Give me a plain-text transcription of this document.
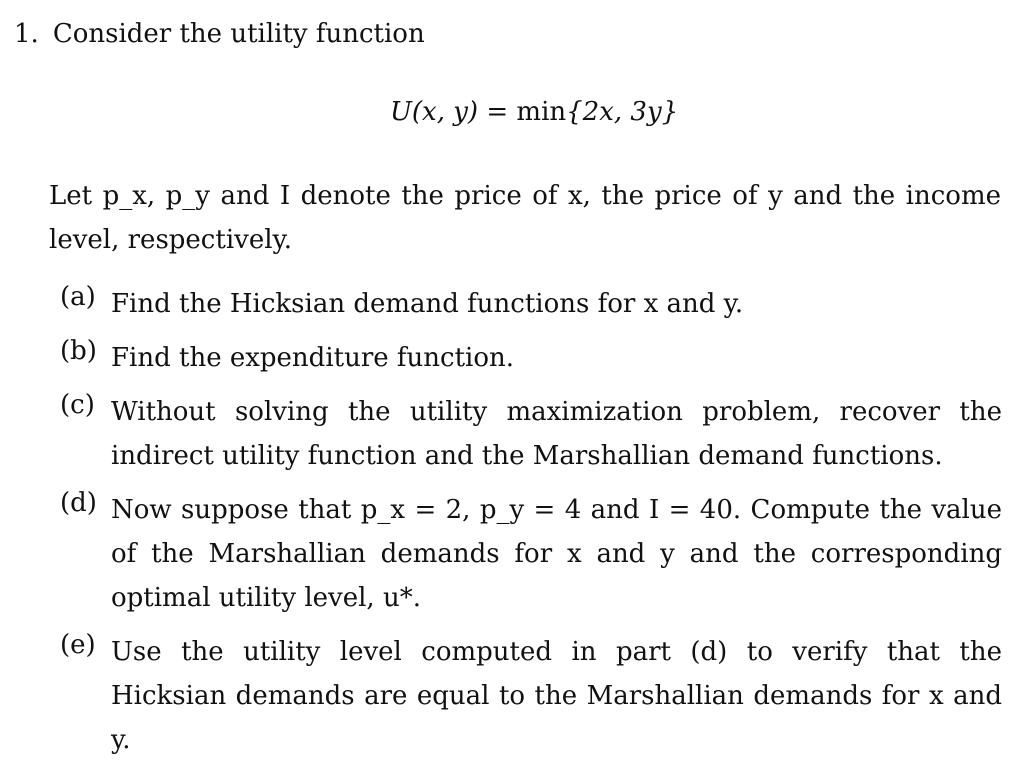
1. Consider the utility function
U(x, y) = min{2x, 3y}
Let p_x, p_y and I denote the price of x, the price of y and the income level, respectively.
(a) Find the Hicksian demand functions for x and y.
(b) Find the expenditure function.
(c) Without solving the utility maximization problem, recover the indirect utility function and the Marshallian demand functions.
(d) Now suppose that p_x = 2, p_y = 4 and I = 40. Compute the value of the Marshallian demands for x and y and the corresponding optimal utility level, u*.
(e) Use the utility level computed in part (d) to verify that the Hicksian demands are equal to the Marshallian demands for x and y.
